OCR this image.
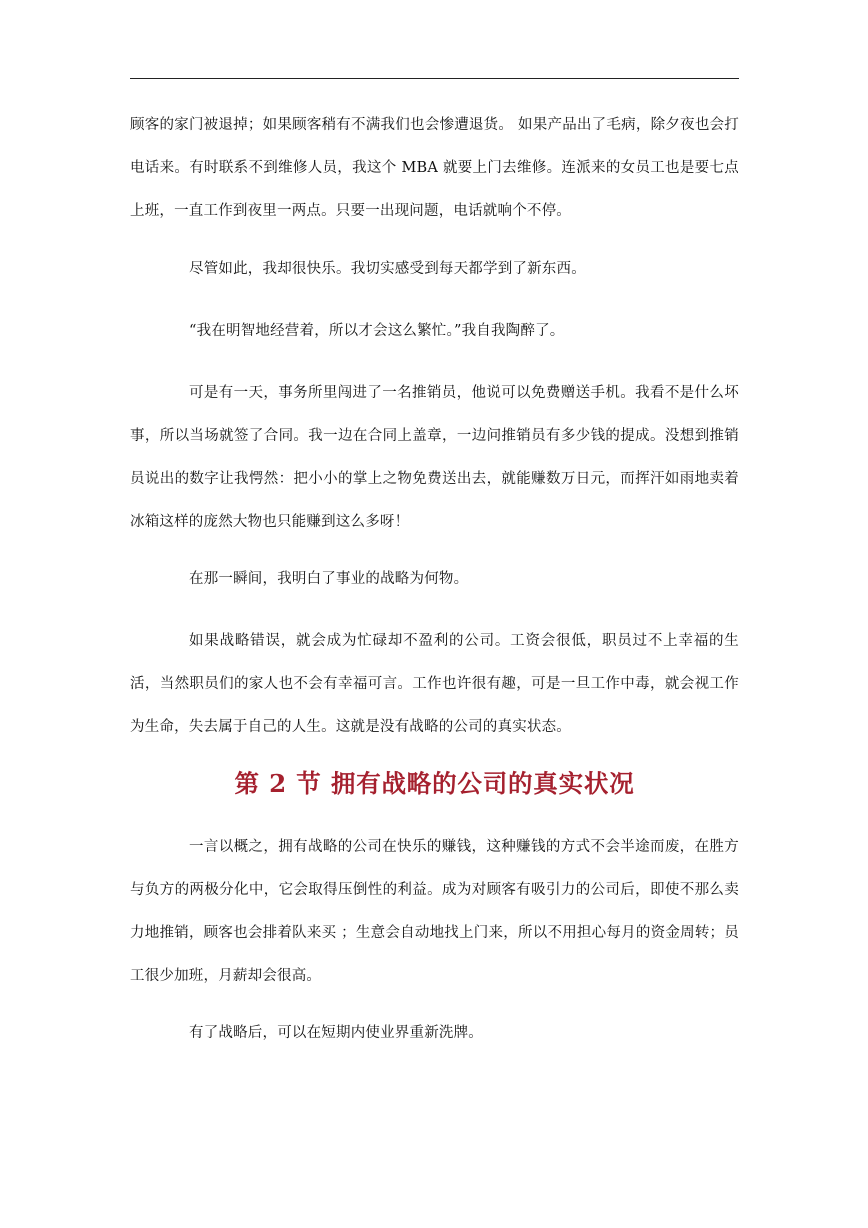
顾客的家门被退掉；如果顾客稍有不满我们也会惨遭退货。 如果产品出了毛病，除夕夜也会打电话来。有时联系不到维修人员，我这个 MBA 就要上门去维修。连派来的女员工也是要七点上班，一直工作到夜里一两点。只要一出现问题，电话就响个不停。

尽管如此，我却很快乐。我切实感受到每天都学到了新东西。

“我在明智地经营着，所以才会这么繁忙。”我自我陶醉了。

可是有一天，事务所里闯进了一名推销员，他说可以免费赠送手机。我看不是什么坏事，所以当场就签了合同。我一边在合同上盖章，一边问推销员有多少钱的提成。没想到推销员说出的数字让我愕然：把小小的掌上之物免费送出去，就能赚数万日元，而挥汗如雨地卖着冰箱这样的庞然大物也只能赚到这么多呀！

在那一瞬间，我明白了事业的战略为何物。

如果战略错误，就会成为忙碌却不盈利的公司。工资会很低，职员过不上幸福的生活，当然职员们的家人也不会有幸福可言。工作也许很有趣，可是一旦工作中毒，就会视工作为生命，失去属于自己的人生。这就是没有战略的公司的真实状态。

第 2 节 拥有战略的公司的真实状况

一言以概之，拥有战略的公司在快乐的赚钱，这种赚钱的方式不会半途而废，在胜方与负方的两极分化中，它会取得压倒性的利益。成为对顾客有吸引力的公司后，即使不那么卖力地推销，顾客也会排着队来买 ；生意会自动地找上门来，所以不用担心每月的资金周转；员工很少加班，月薪却会很高。

有了战略后，可以在短期内使业界重新洗牌。
